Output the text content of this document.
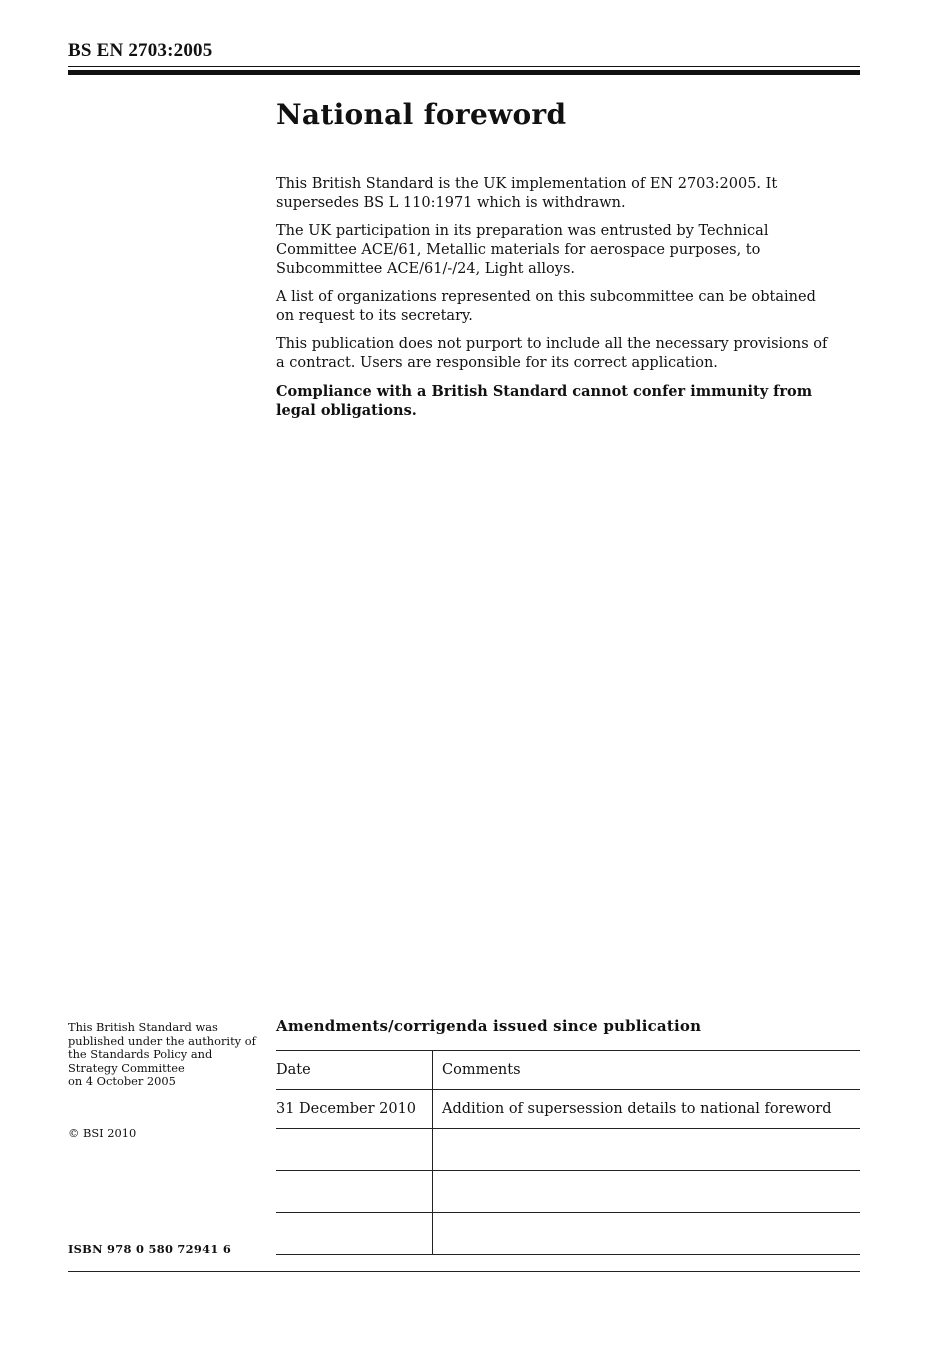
BS EN 2703:2005
National foreword

This British Standard is the UK implementation of EN 2703:2005. It supersedes BS L 110:1971 which is withdrawn.

The UK participation in its preparation was entrusted by Technical Committee ACE/61, Metallic materials for aerospace purposes, to Subcommittee ACE/61/-/24, Light alloys.

A list of organizations represented on this subcommittee can be obtained on request to its secretary.

This publication does not purport to include all the necessary provisions of a contract. Users are responsible for its correct application.

Compliance with a British Standard cannot confer immunity from legal obligations.

This British Standard was
published under the authority of
the Standards Policy and
Strategy Committee
on 4 October 2005
© BSI 2010
ISBN 978 0 580 72941 6
Amendments/corrigenda issued since publication
Date	Comments
31 December 2010	Addition of supersession details to national foreword
